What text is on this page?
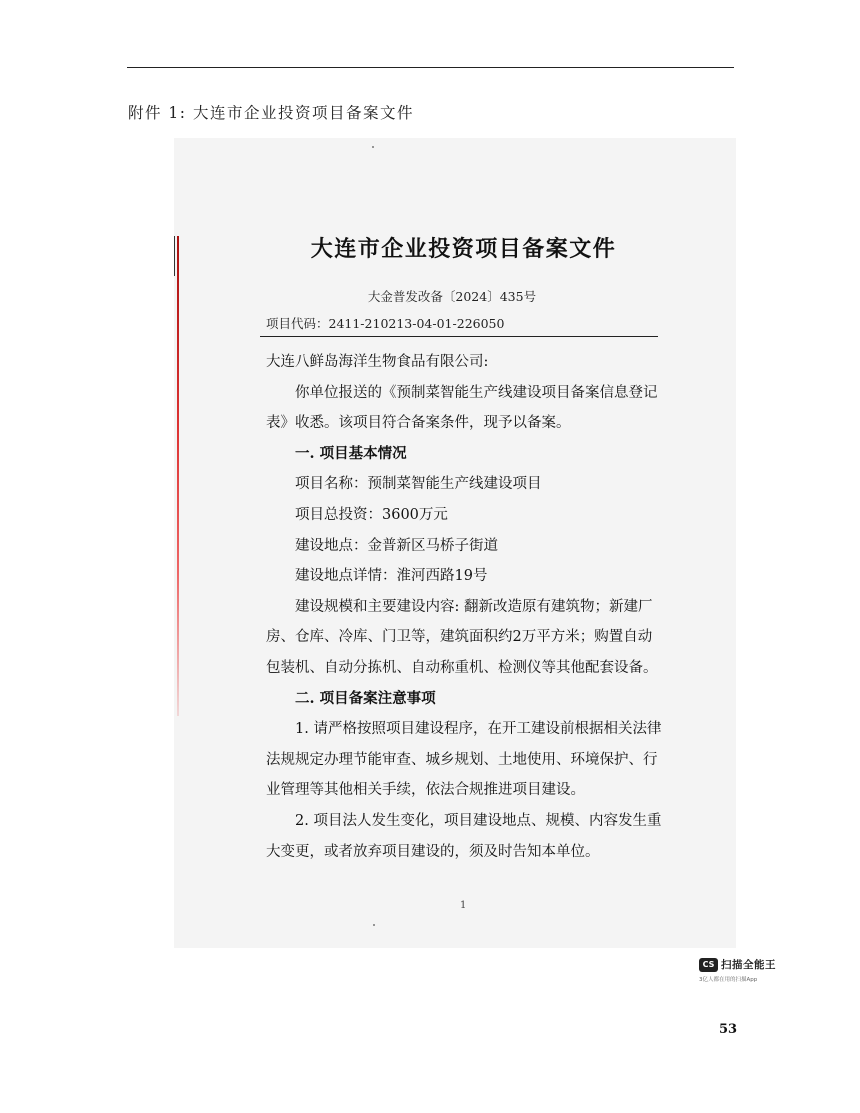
附件 1: 大连市企业投资项目备案文件
大连市企业投资项目备案文件
大金普发改备〔2024〕435号
项目代码：2411-210213-04-01-226050

大连八鲜岛海洋生物食品有限公司:

你单位报送的《预制菜智能生产线建设项目备案信息登记表》收悉。该项目符合备案条件，现予以备案。

一. 项目基本情况

项目名称：预制菜智能生产线建设项目

项目总投资：3600万元

建设地点：金普新区马桥子街道

建设地点详情：淮河西路19号

建设规模和主要建设内容: 翻新改造原有建筑物；新建厂房、仓库、冷库、门卫等，建筑面积约2万平方米；购置自动包装机、自动分拣机、自动称重机、检测仪等其他配套设备。

二. 项目备案注意事项

1. 请严格按照项目建设程序，在开工建设前根据相关法律法规规定办理节能审查、城乡规划、土地使用、环境保护、行业管理等其他相关手续，依法合规推进项目建设。

2. 项目法人发生变化，项目建设地点、规模、内容发生重大变更，或者放弃项目建设的，须及时告知本单位。

1
CS 扫描全能王
3亿人都在用的扫描App
53
